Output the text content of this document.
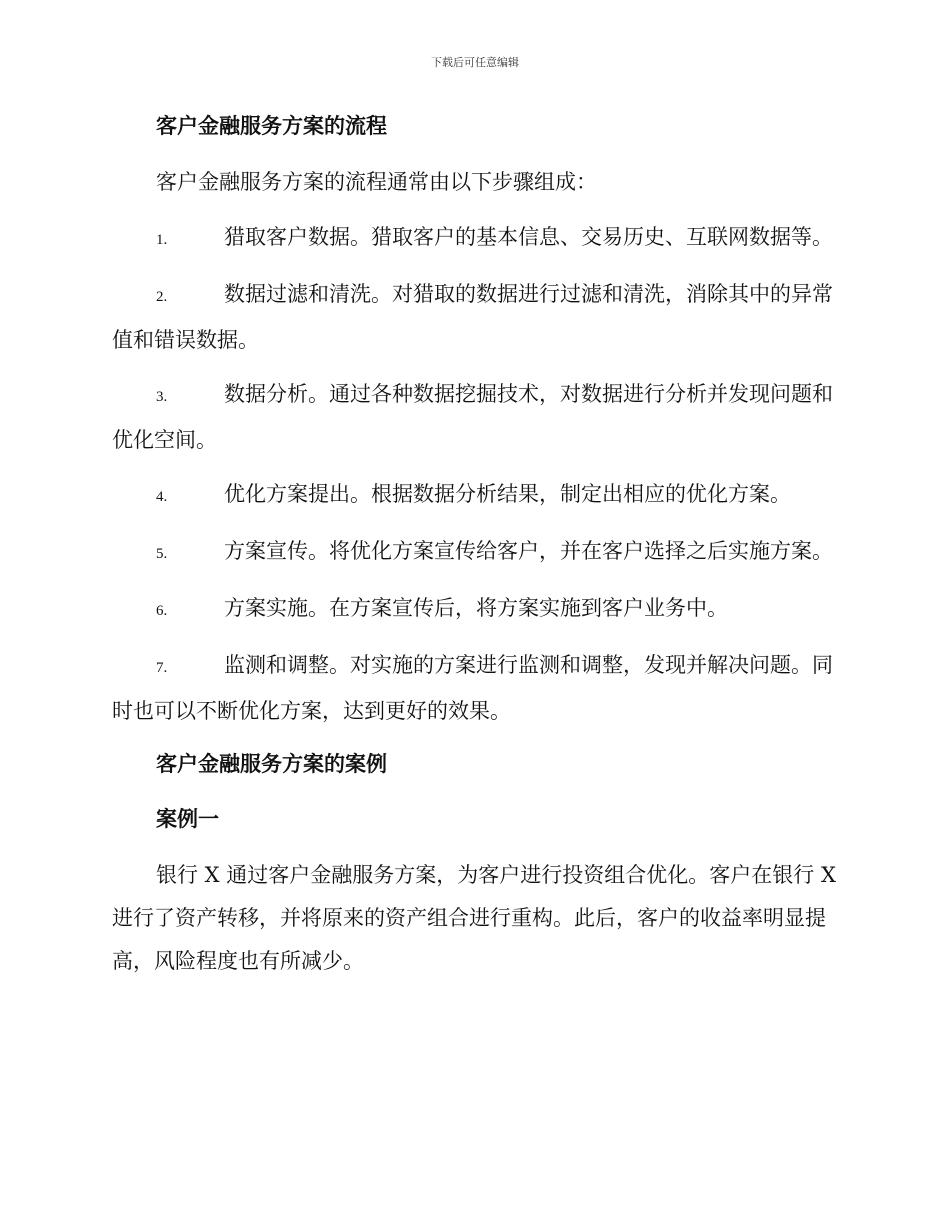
下载后可任意编辑
客户金融服务方案的流程

客户金融服务方案的流程通常由以下步骤组成：

1.	猎取客户数据。猎取客户的基本信息、交易历史、互联网数据等。
2.	数据过滤和清洗。对猎取的数据进行过滤和清洗，消除其中的异常值和错误数据。
3.	数据分析。通过各种数据挖掘技术，对数据进行分析并发现问题和优化空间。
4.	优化方案提出。根据数据分析结果，制定出相应的优化方案。
5.	方案宣传。将优化方案宣传给客户，并在客户选择之后实施方案。
6.	方案实施。在方案宣传后，将方案实施到客户业务中。
7.	监测和调整。对实施的方案进行监测和调整，发现并解决问题。同时也可以不断优化方案，达到更好的效果。
客户金融服务方案的案例
案例一

银行 X 通过客户金融服务方案，为客户进行投资组合优化。客户在银行 X 进行了资产转移，并将原来的资产组合进行重构。此后，客户的收益率明显提高，风险程度也有所减少。
